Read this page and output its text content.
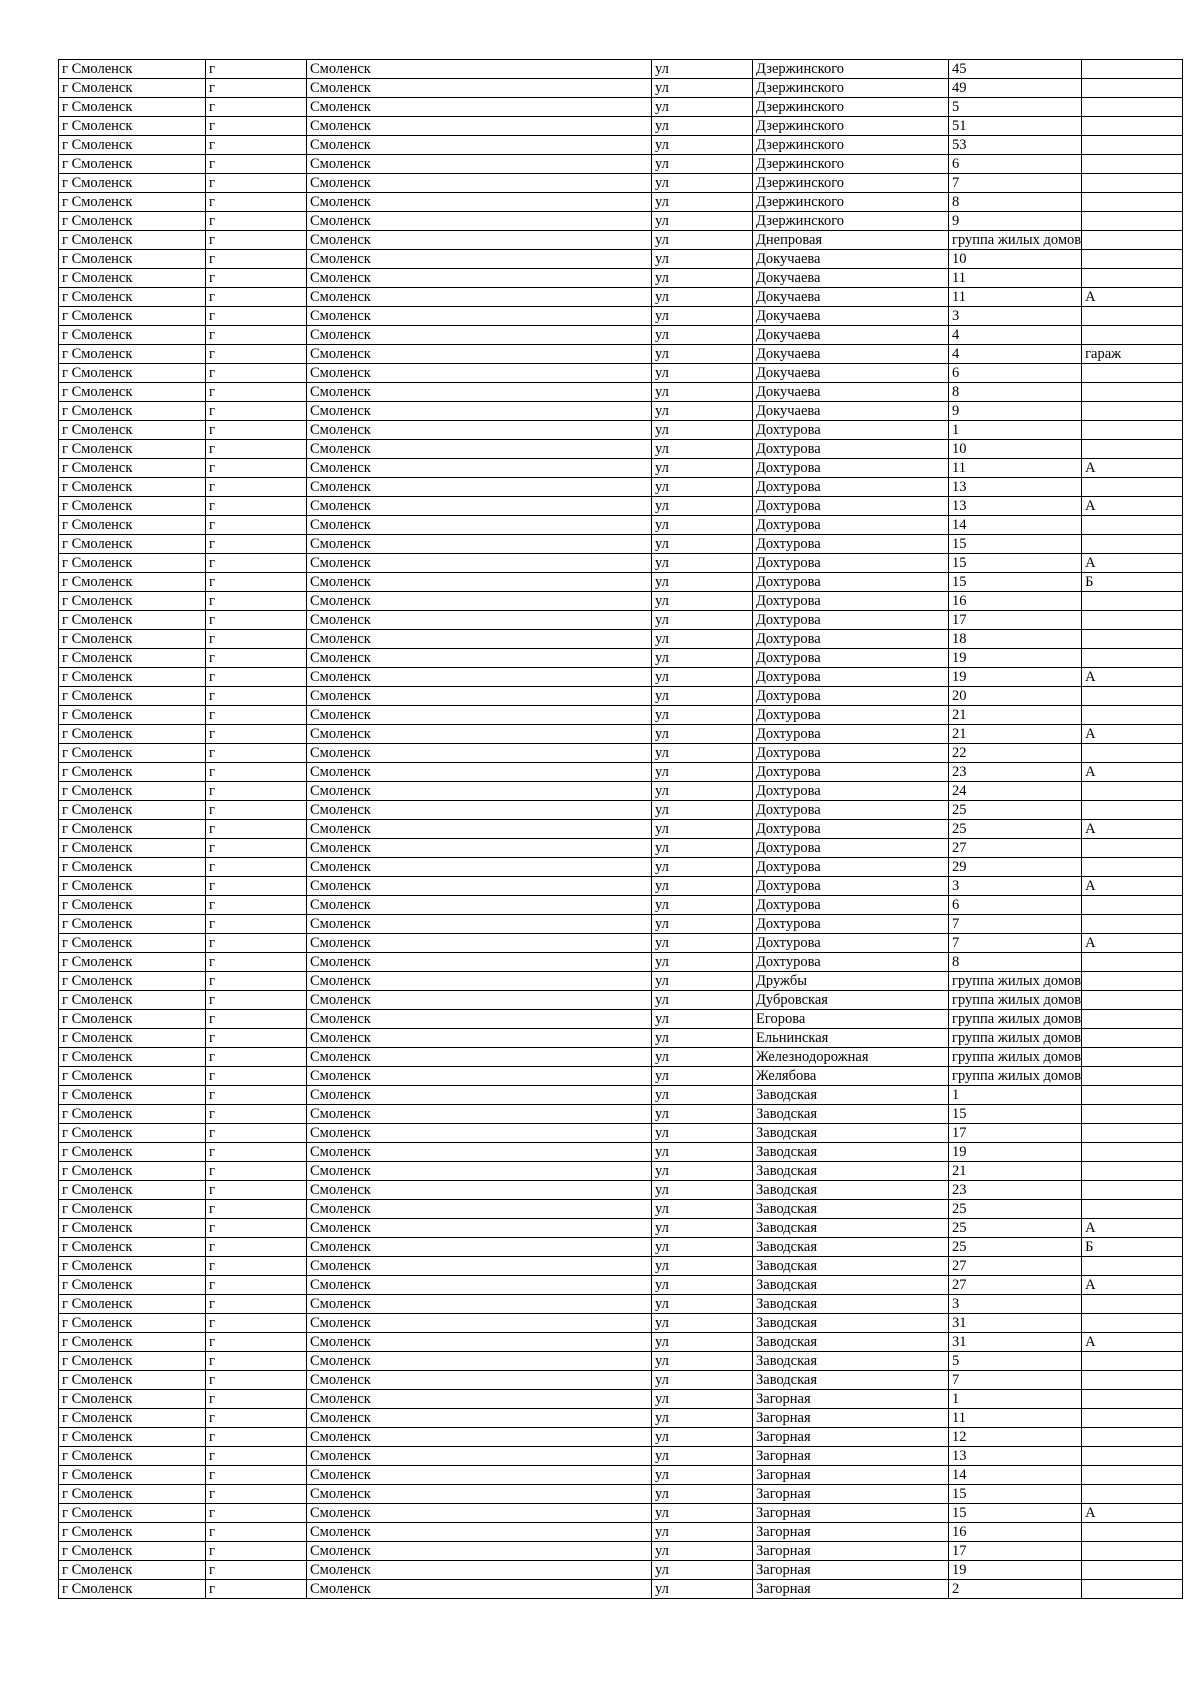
г Смоленск	г	Смоленск	ул	Дзержинского	45	
г Смоленск	г	Смоленск	ул	Дзержинского	49	
г Смоленск	г	Смоленск	ул	Дзержинского	5	
г Смоленск	г	Смоленск	ул	Дзержинского	51	
г Смоленск	г	Смоленск	ул	Дзержинского	53	
г Смоленск	г	Смоленск	ул	Дзержинского	6	
г Смоленск	г	Смоленск	ул	Дзержинского	7	
г Смоленск	г	Смоленск	ул	Дзержинского	8	
г Смоленск	г	Смоленск	ул	Дзержинского	9	
г Смоленск	г	Смоленск	ул	Днепровая	группа жилых домов	
г Смоленск	г	Смоленск	ул	Докучаева	10	
г Смоленск	г	Смоленск	ул	Докучаева	11	
г Смоленск	г	Смоленск	ул	Докучаева	11	А
г Смоленск	г	Смоленск	ул	Докучаева	3	
г Смоленск	г	Смоленск	ул	Докучаева	4	
г Смоленск	г	Смоленск	ул	Докучаева	4	гараж
г Смоленск	г	Смоленск	ул	Докучаева	6	
г Смоленск	г	Смоленск	ул	Докучаева	8	
г Смоленск	г	Смоленск	ул	Докучаева	9	
г Смоленск	г	Смоленск	ул	Дохтурова	1	
г Смоленск	г	Смоленск	ул	Дохтурова	10	
г Смоленск	г	Смоленск	ул	Дохтурова	11	А
г Смоленск	г	Смоленск	ул	Дохтурова	13	
г Смоленск	г	Смоленск	ул	Дохтурова	13	А
г Смоленск	г	Смоленск	ул	Дохтурова	14	
г Смоленск	г	Смоленск	ул	Дохтурова	15	
г Смоленск	г	Смоленск	ул	Дохтурова	15	А
г Смоленск	г	Смоленск	ул	Дохтурова	15	Б
г Смоленск	г	Смоленск	ул	Дохтурова	16	
г Смоленск	г	Смоленск	ул	Дохтурова	17	
г Смоленск	г	Смоленск	ул	Дохтурова	18	
г Смоленск	г	Смоленск	ул	Дохтурова	19	
г Смоленск	г	Смоленск	ул	Дохтурова	19	А
г Смоленск	г	Смоленск	ул	Дохтурова	20	
г Смоленск	г	Смоленск	ул	Дохтурова	21	
г Смоленск	г	Смоленск	ул	Дохтурова	21	А
г Смоленск	г	Смоленск	ул	Дохтурова	22	
г Смоленск	г	Смоленск	ул	Дохтурова	23	А
г Смоленск	г	Смоленск	ул	Дохтурова	24	
г Смоленск	г	Смоленск	ул	Дохтурова	25	
г Смоленск	г	Смоленск	ул	Дохтурова	25	А
г Смоленск	г	Смоленск	ул	Дохтурова	27	
г Смоленск	г	Смоленск	ул	Дохтурова	29	
г Смоленск	г	Смоленск	ул	Дохтурова	3	А
г Смоленск	г	Смоленск	ул	Дохтурова	6	
г Смоленск	г	Смоленск	ул	Дохтурова	7	
г Смоленск	г	Смоленск	ул	Дохтурова	7	А
г Смоленск	г	Смоленск	ул	Дохтурова	8	
г Смоленск	г	Смоленск	ул	Дружбы	группа жилых домов	
г Смоленск	г	Смоленск	ул	Дубровская	группа жилых домов	
г Смоленск	г	Смоленск	ул	Егорова	группа жилых домов	
г Смоленск	г	Смоленск	ул	Ельнинская	группа жилых домов	
г Смоленск	г	Смоленск	ул	Железнодорожная	группа жилых домов	
г Смоленск	г	Смоленск	ул	Желябова	группа жилых домов	
г Смоленск	г	Смоленск	ул	Заводская	1	
г Смоленск	г	Смоленск	ул	Заводская	15	
г Смоленск	г	Смоленск	ул	Заводская	17	
г Смоленск	г	Смоленск	ул	Заводская	19	
г Смоленск	г	Смоленск	ул	Заводская	21	
г Смоленск	г	Смоленск	ул	Заводская	23	
г Смоленск	г	Смоленск	ул	Заводская	25	
г Смоленск	г	Смоленск	ул	Заводская	25	А
г Смоленск	г	Смоленск	ул	Заводская	25	Б
г Смоленск	г	Смоленск	ул	Заводская	27	
г Смоленск	г	Смоленск	ул	Заводская	27	А
г Смоленск	г	Смоленск	ул	Заводская	3	
г Смоленск	г	Смоленск	ул	Заводская	31	
г Смоленск	г	Смоленск	ул	Заводская	31	А
г Смоленск	г	Смоленск	ул	Заводская	5	
г Смоленск	г	Смоленск	ул	Заводская	7	
г Смоленск	г	Смоленск	ул	Загорная	1	
г Смоленск	г	Смоленск	ул	Загорная	11	
г Смоленск	г	Смоленск	ул	Загорная	12	
г Смоленск	г	Смоленск	ул	Загорная	13	
г Смоленск	г	Смоленск	ул	Загорная	14	
г Смоленск	г	Смоленск	ул	Загорная	15	
г Смоленск	г	Смоленск	ул	Загорная	15	А
г Смоленск	г	Смоленск	ул	Загорная	16	
г Смоленск	г	Смоленск	ул	Загорная	17	
г Смоленск	г	Смоленск	ул	Загорная	19	
г Смоленск	г	Смоленск	ул	Загорная	2	
